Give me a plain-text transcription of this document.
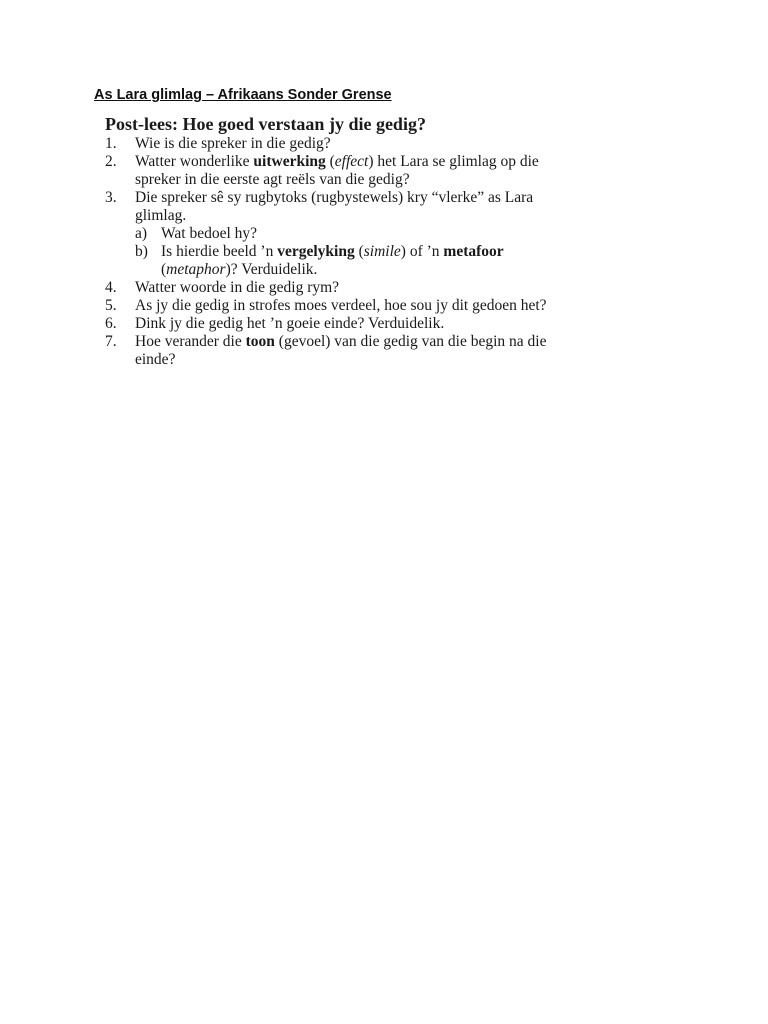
As Lara glimlag – Afrikaans Sonder Grense
Post-lees: Hoe goed verstaan jy die gedig?
1.	Wie is die spreker in die gedig?
2.	Watter wonderlike uitwerking (effect) het Lara se glimlag op die
spreker in die eerste agt reëls van die gedig?
3.	Die spreker sê sy rugbytoks (rugbystewels) kry “vlerke” as Lara
glimlag.
a) Wat bedoel hy?
b) Is hierdie beeld ’n vergelyking (simile) of ’n metafoor
(metaphor)? Verduidelik.
4.	Watter woorde in die gedig rym?
5.	As jy die gedig in strofes moes verdeel, hoe sou jy dit gedoen het?
6.	Dink jy die gedig het ’n goeie einde? Verduidelik.
7.	Hoe verander die toon (gevoel) van die gedig van die begin na die
einde?
